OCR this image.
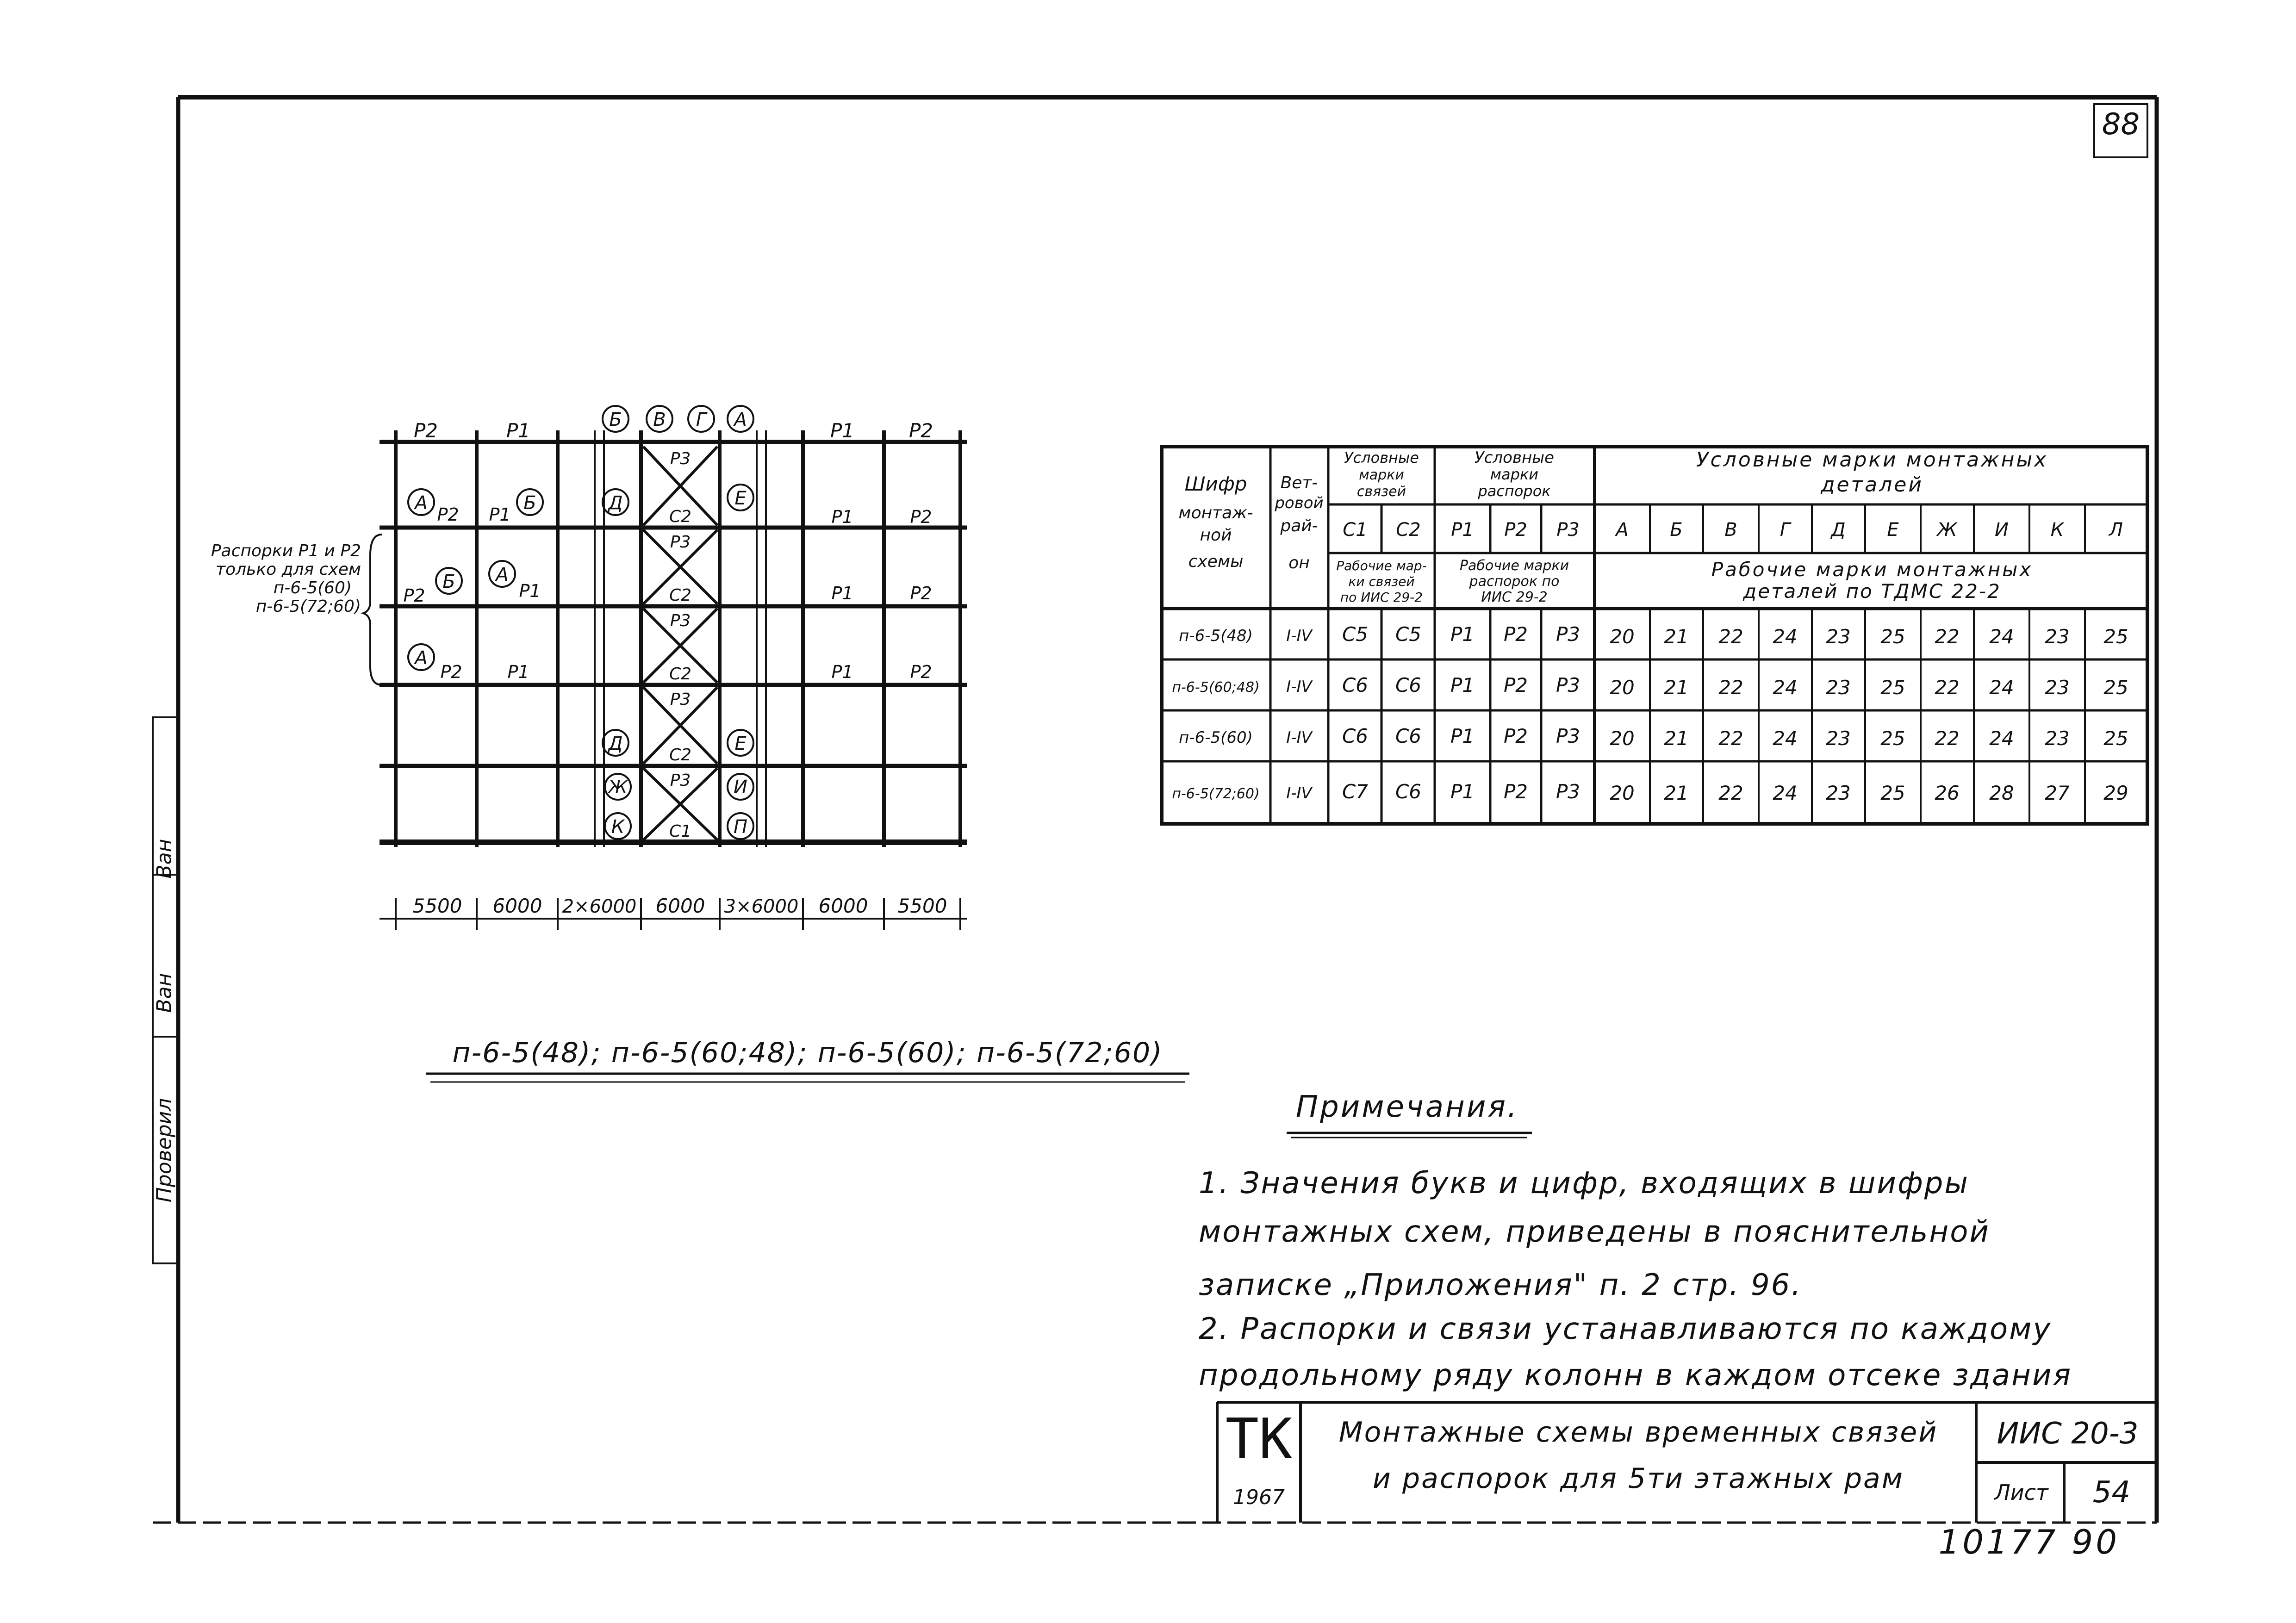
88
Ван
Ван
Проверил
Р2	Р1	Р1	Р2
Б В Г А
А
Р2 Р1
Б	Д	Е
Р1	Р2
Р2
Б А
Р1	Р1	Р2
А
Р2	Р1	Р1	Р2
Р3
С2
Р3
С2
Р3
С2
Р3
С2
Р3
С1
Д	Е
Ж	И
К	П
5500 6000 2×6000 6000 3×6000 6000 5500
Распорки Р1 и Р2
только для схем
п-6-5(60)
п-6-5(72;60)
п-6-5(48); п-6-5(60;48); п-6-5(60); п-6-5(72;60)
Шифр
монтаж-
ной
схемы
Вет-
ровой
рай-
он
Условные
марки
связей
Условные
марки
распорок
Условные марки монтажных
деталей
С1 С2 Р1 Р2 Р3 А Б В Г Д Е Ж И К Л
Рабочие мар-
ки связей
по ИИС 29-2
Рабочие марки
распорок по
ИИС 29-2
Рабочие марки монтажных
деталей по ТДМС 22-2
п-6-5(48) I-IV С5 С5 Р1 Р2 Р3 20 21 22 24 23 25 22 24 23 25
п-6-5(60;48) I-IV С6 С6 Р1 Р2 Р3 20 21 22 24 23 25 22 24 23 25
п-6-5(60) I-IV С6 С6 Р1 Р2 Р3 20 21 22 24 23 25 22 24 23 25
п-6-5(72;60) I-IV С7 С6 Р1 Р2 Р3 20 21 22 24 23 25 26 28 27 29
Примечания.
1. Значения букв и цифр, входящих в шифры
монтажных схем, приведены в пояснительной
записке „Приложения" п. 2 стр. 96.
2. Распорки и связи устанавливаются по каждому
продольному ряду колонн в каждом отсеке здания
ТК
1967
Монтажные схемы временных связей
и распорок для 5ти этажных рам
ИИС 20-3
Лист	54
10177 90
